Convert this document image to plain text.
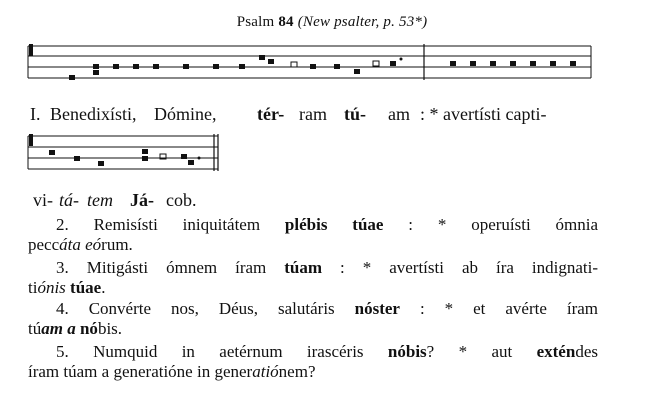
Psalm 84 (New psalter, p. 53*)
I. Benedixísti, Dómine, tér- ram tú- am : * avertísti capti-
vi- tá- tem Já- cob.

2. Remisísti iniquitátem plébis túae : * operuísti ómnia
peccáta eórum.

3. Mitigásti ómnem íram túam : * avertísti ab íra indignati-
tiónis túae.

4. Convérte nos, Déus, salutáris nóster : * et avérte íram
túam a nóbis.

5. Numquid in aetérnum irascéris nóbis? * aut exténdes
íram túam a generatióne in generatiónem?
